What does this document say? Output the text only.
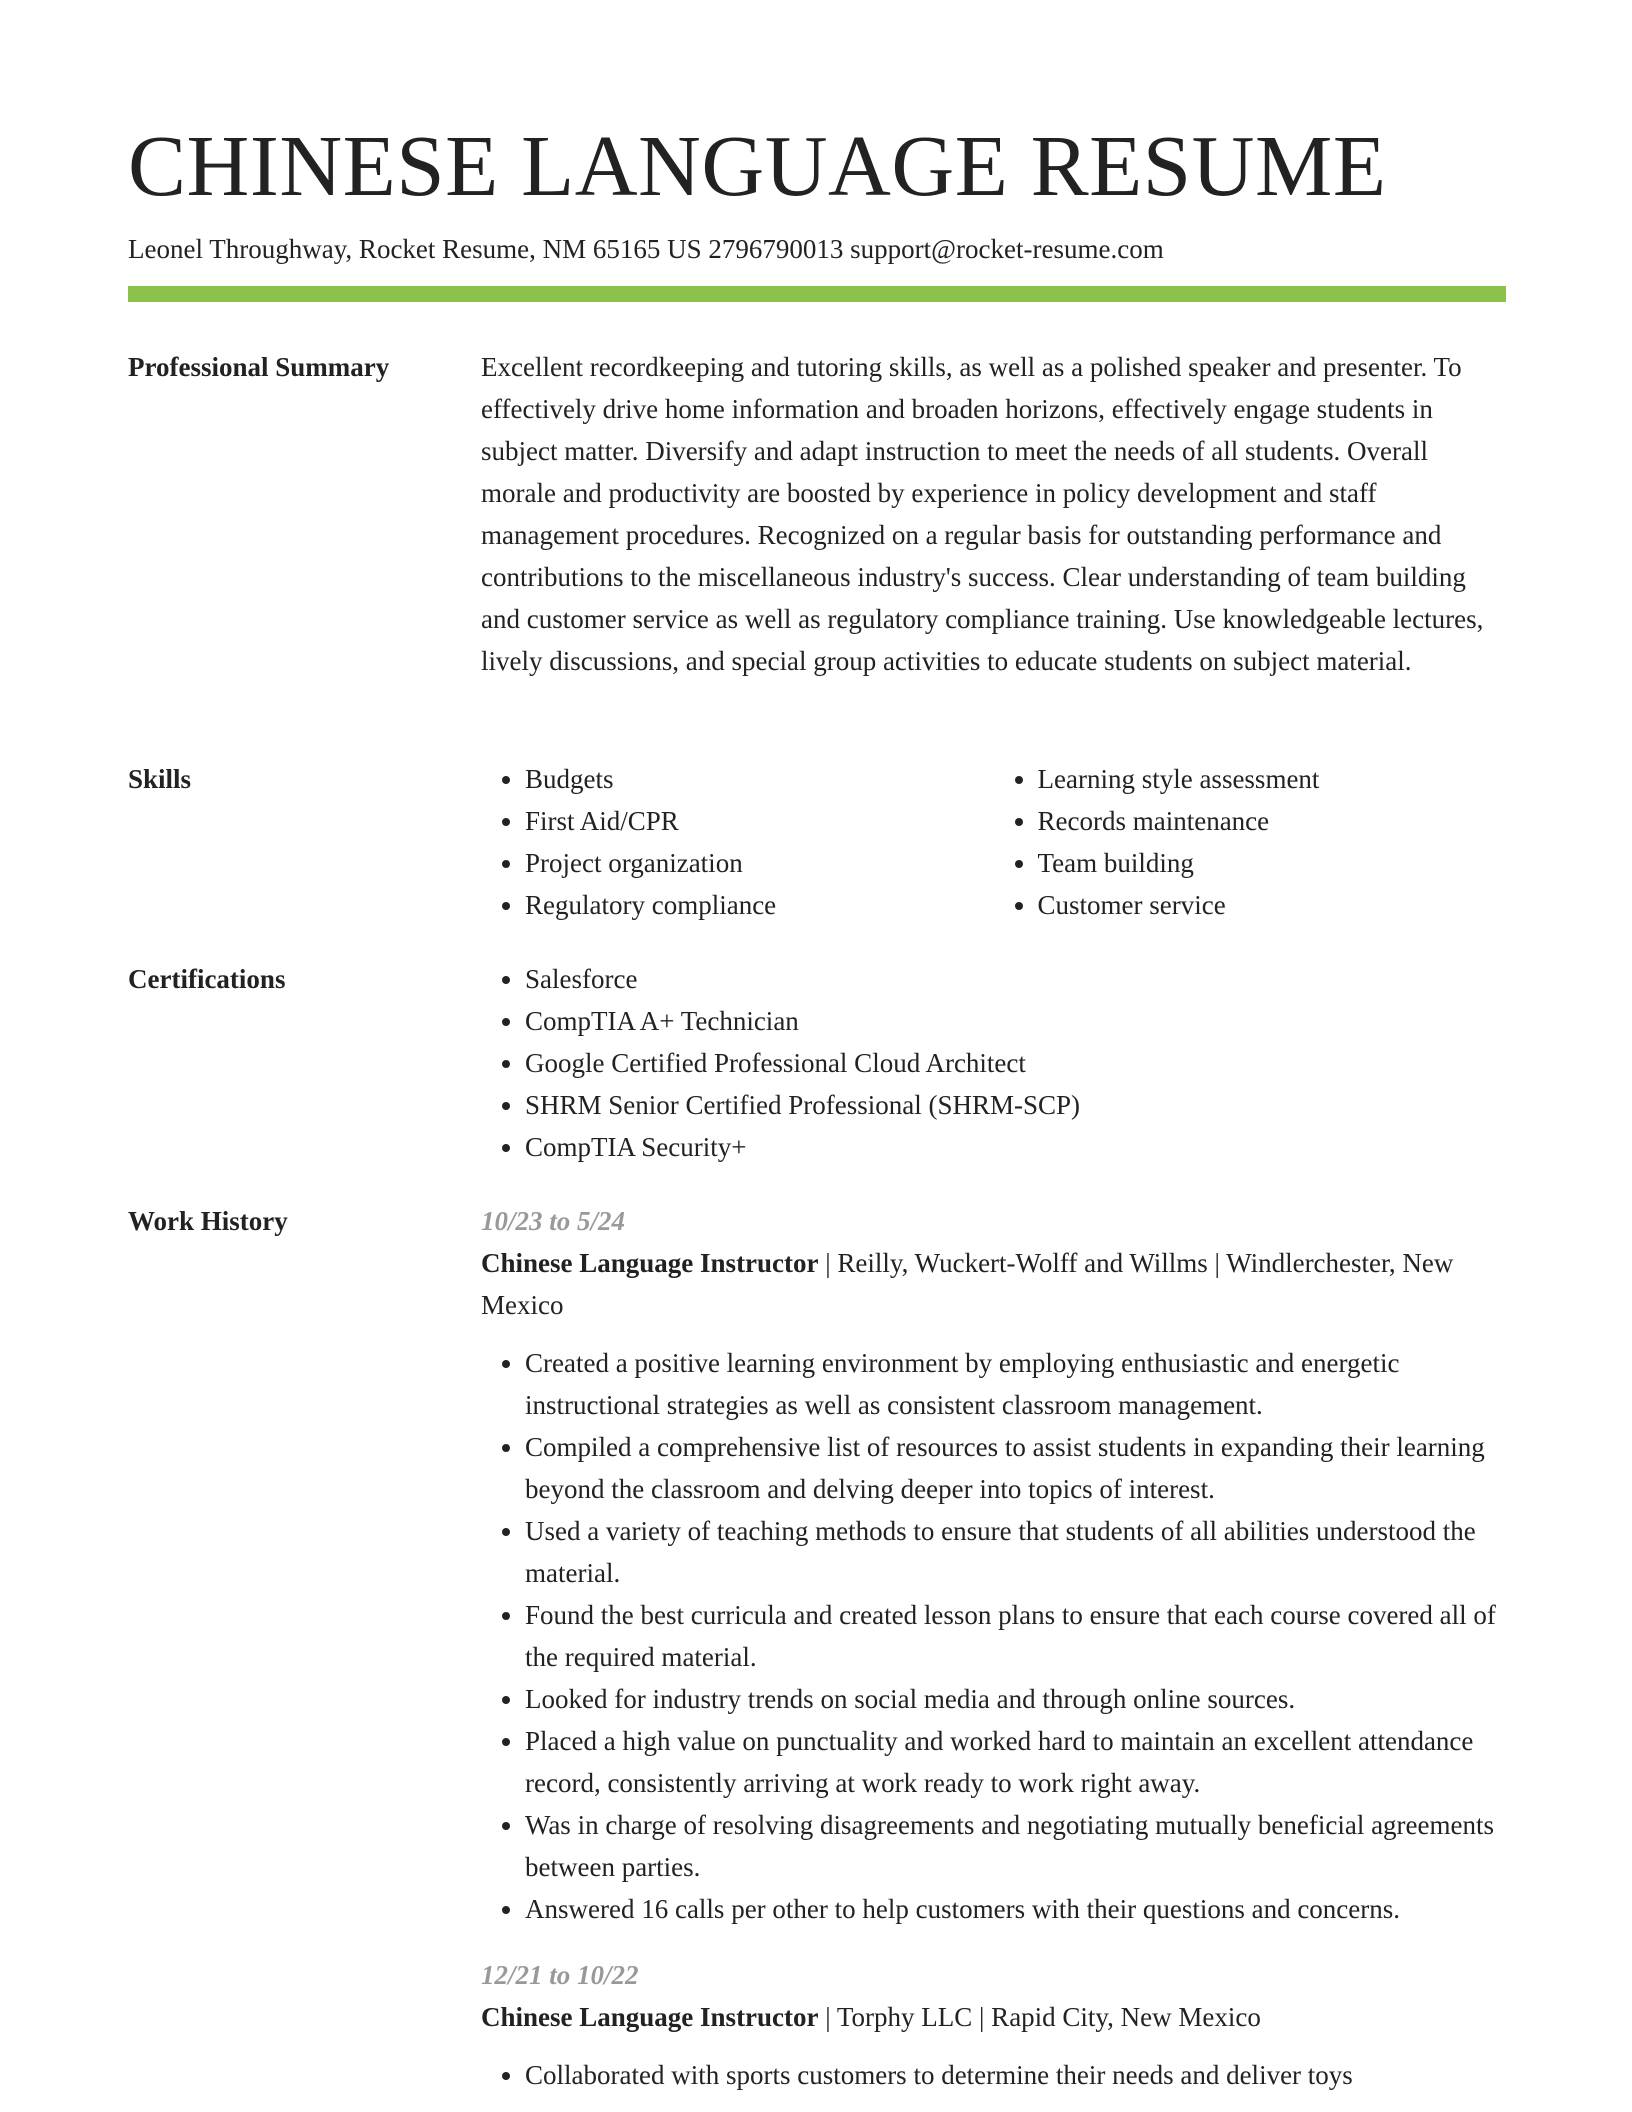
CHINESE LANGUAGE RESUME
Leonel Throughway, Rocket Resume, NM 65165 US 2796790013 support@rocket-resume.com
Professional Summary	Excellent recordkeeping and tutoring skills, as well as a polished speaker and presenter. To effectively drive home information and broaden horizons, effectively engage students in subject matter. Diversify and adapt instruction to meet the needs of all students. Overall morale and productivity are boosted by experience in policy development and staff management procedures. Recognized on a regular basis for outstanding performance and contributions to the miscellaneous industry's success. Clear understanding of team building and customer service as well as regulatory compliance training. Use knowledgeable lectures, lively discussions, and special group activities to educate students on subject material.

Skills	• Budgets
• First Aid/CPR
• Project organization
• Regulatory compliance
• Learning style assessment
• Records maintenance
• Team building
• Customer service
Certifications	• Salesforce
• CompTIA A+ Technician
• Google Certified Professional Cloud Architect
• SHRM Senior Certified Professional (SHRM-SCP)
• CompTIA Security+
Work History	10/23 to 5/24
Chinese Language Instructor | Reilly, Wuckert-Wolff and Willms | Windlerchester, New Mexico
• Created a positive learning environment by employing enthusiastic and energetic instructional strategies as well as consistent classroom management.
• Compiled a comprehensive list of resources to assist students in expanding their learning beyond the classroom and delving deeper into topics of interest.
• Used a variety of teaching methods to ensure that students of all abilities understood the material.
• Found the best curricula and created lesson plans to ensure that each course covered all of the required material.
• Looked for industry trends on social media and through online sources.
• Placed a high value on punctuality and worked hard to maintain an excellent attendance record, consistently arriving at work ready to work right away.
• Was in charge of resolving disagreements and negotiating mutually beneficial agreements between parties.
• Answered 16 calls per other to help customers with their questions and concerns.
12/21 to 10/22
Chinese Language Instructor | Torphy LLC | Rapid City, New Mexico
• Collaborated with sports customers to determine their needs and deliver toys
